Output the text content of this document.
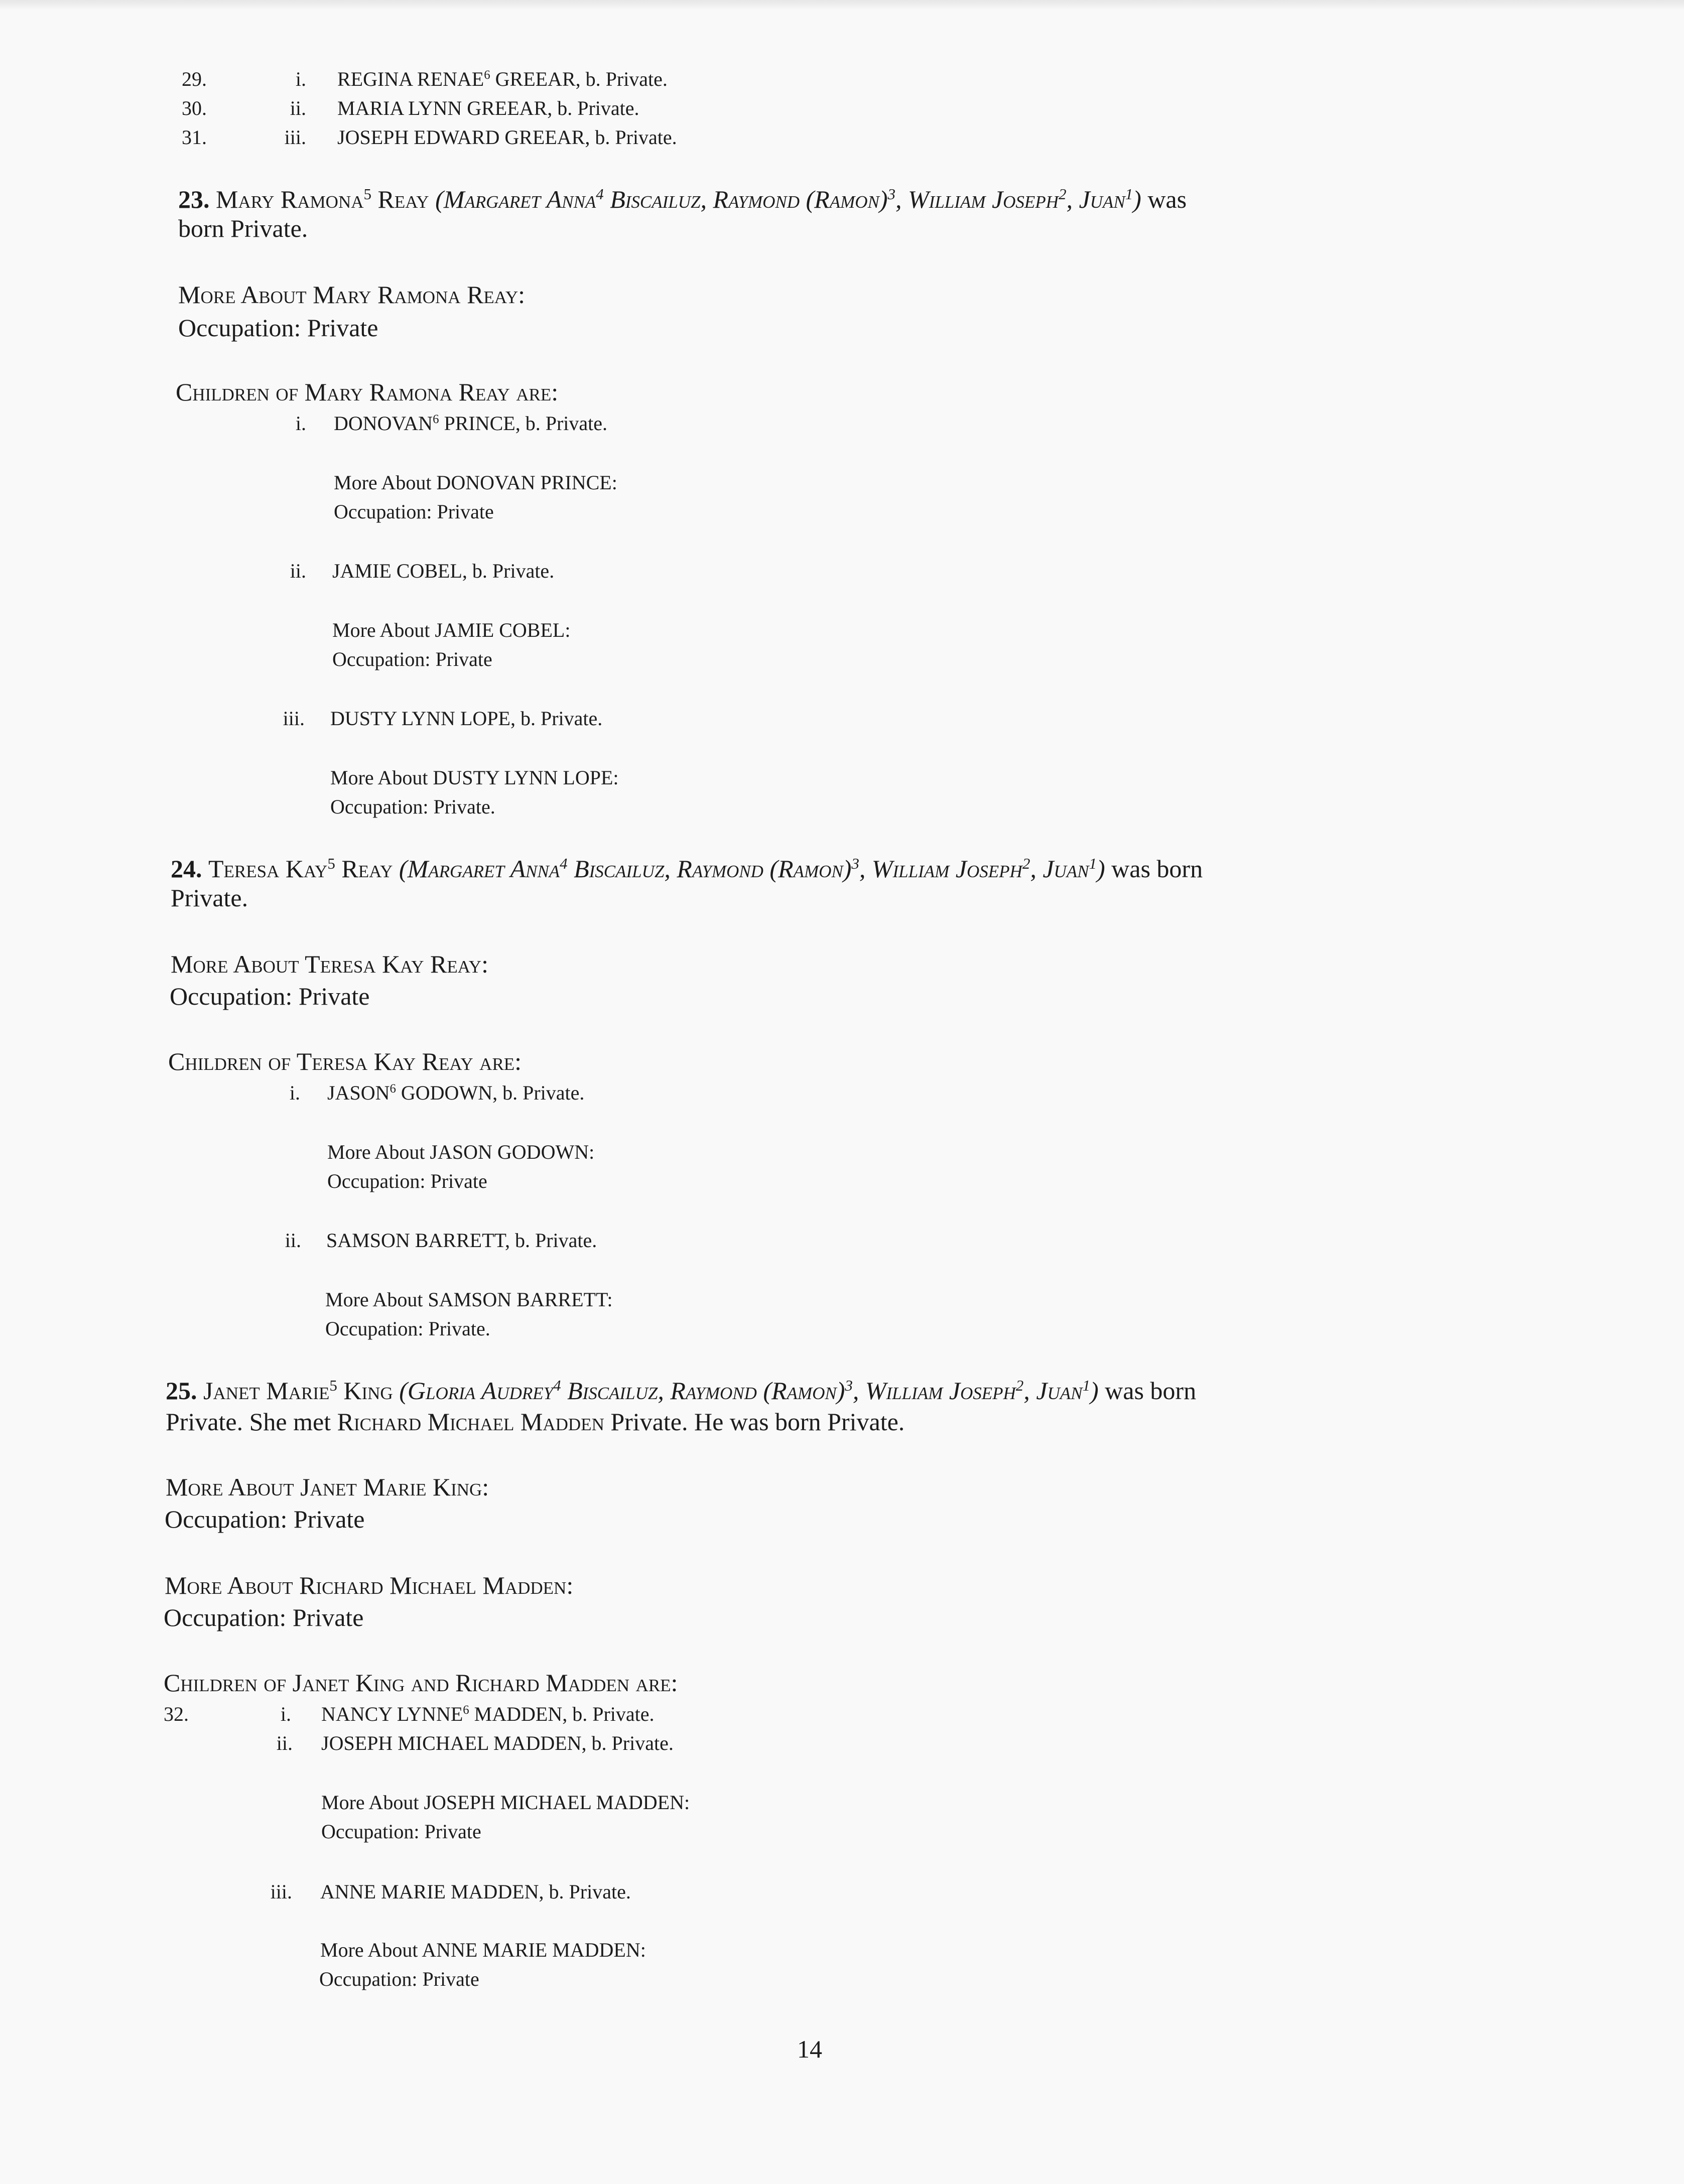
29.	i. REGINA RENAE$^6$ GREEAR, b. Private.
30.	ii. MARIA LYNN GREEAR, b. Private.
31.	iii. JOSEPH EDWARD GREEAR, b. Private.
23. Mary Ramona$^5$ Reay (Margaret Anna$^4$ Biscailuz, Raymond (Ramon)$^3$, William Joseph$^2$, Juan$^1$) was
born Private.
More About Mary Ramona Reay:
Occupation: Private
Children of Mary Ramona Reay are:
i. DONOVAN$^6$ PRINCE, b. Private.
More About DONOVAN PRINCE:
Occupation: Private
ii. JAMIE COBEL, b. Private.
More About JAMIE COBEL:
Occupation: Private
iii. DUSTY LYNN LOPE, b. Private.
More About DUSTY LYNN LOPE:
Occupation: Private.
24. Teresa Kay$^5$ Reay (Margaret Anna$^4$ Biscailuz, Raymond (Ramon)$^3$, William Joseph$^2$, Juan$^1$) was born
Private.
More About Teresa Kay Reay:
Occupation: Private
Children of Teresa Kay Reay are:
i. JASON$^6$ GODOWN, b. Private.
More About JASON GODOWN:
Occupation: Private
ii. SAMSON BARRETT, b. Private.
More About SAMSON BARRETT:
Occupation: Private.
25. Janet Marie$^5$ King (Gloria Audrey$^4$ Biscailuz, Raymond (Ramon)$^3$, William Joseph$^2$, Juan$^1$) was born
Private. She met Richard Michael Madden Private. He was born Private.
More About Janet Marie King:
Occupation: Private
More About Richard Michael Madden:
Occupation: Private
Children of Janet King and Richard Madden are:
32.	i. NANCY LYNNE$^6$ MADDEN, b. Private.
ii. JOSEPH MICHAEL MADDEN, b. Private.
More About JOSEPH MICHAEL MADDEN:
Occupation: Private
iii. ANNE MARIE MADDEN, b. Private.
More About ANNE MARIE MADDEN:
Occupation: Private
14
